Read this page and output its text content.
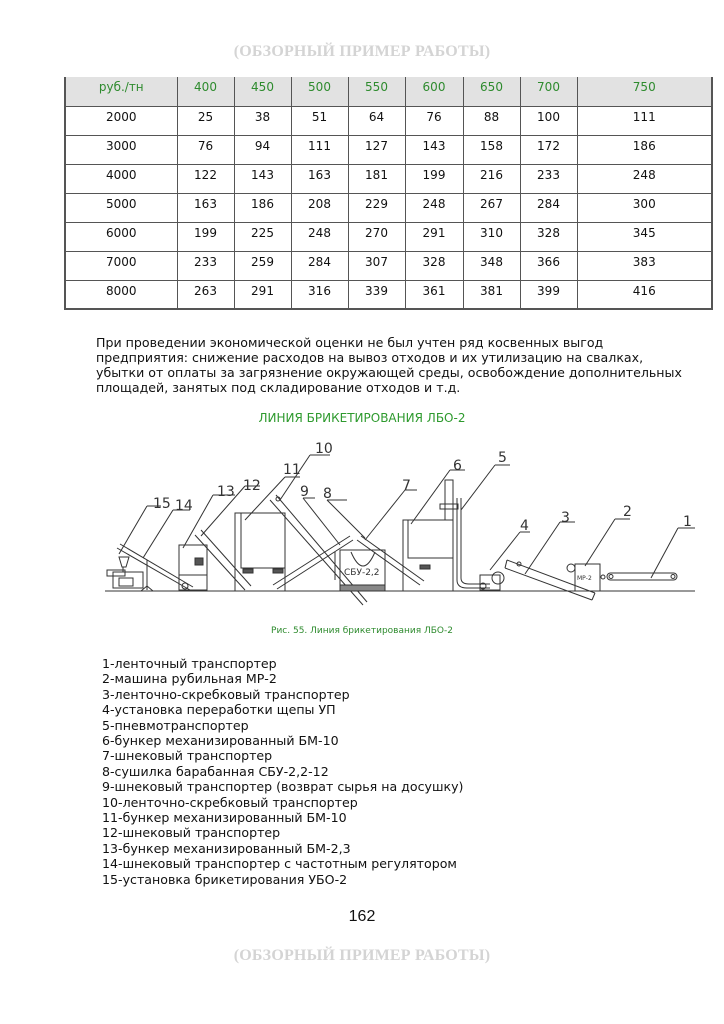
(ОБЗОРНЫЙ ПРИМЕР РАБОТЫ)
руб./тн	400	450	500	550	600	650	700	750
2000	25	38	51	64	76	88	100	111
3000	76	94	111	127	143	158	172	186
4000	122	143	163	181	199	216	233	248
5000	163	186	208	229	248	267	284	300
6000	199	225	248	270	291	310	328	345
7000	233	259	284	307	328	348	366	383
8000	263	291	316	339	361	381	399	416
При проведении экономической оценки не был учтен ряд косвенных выгод
предприятия: снижение расходов на вывоз отходов и их утилизацию на свалках,
убытки от оплаты за загрязнение окружающей среды, освобождение дополнительных
площадей, занятых под складирование отходов и т.д.
ЛИНИЯ БРИКЕТИРОВАНИЯ ЛБО-2
СБУ-2,2
МР-2
15 14
13 12
11
10
9 8	7
6	5
4 3	2
1
Рис. 55. Линия брикетирования ЛБО-2
1-ленточный транспортер
2-машина рубильная МР-2
3-ленточно-скребковый транспортер
4-установка переработки щепы УП
5-пневмотранспортер
6-бункер механизированный БМ-10
7-шнековый транспортер
8-сушилка барабанная СБУ-2,2-12
9-шнековый транспортер (возврат сырья на досушку)
10-ленточно-скребковый транспортер
11-бункер механизированный БМ-10
12-шнековый транспортер
13-бункер механизированный БМ-2,3
14-шнековый транспортер с частотным регулятором
15-установка брикетирования УБО-2
162
(ОБЗОРНЫЙ ПРИМЕР РАБОТЫ)
